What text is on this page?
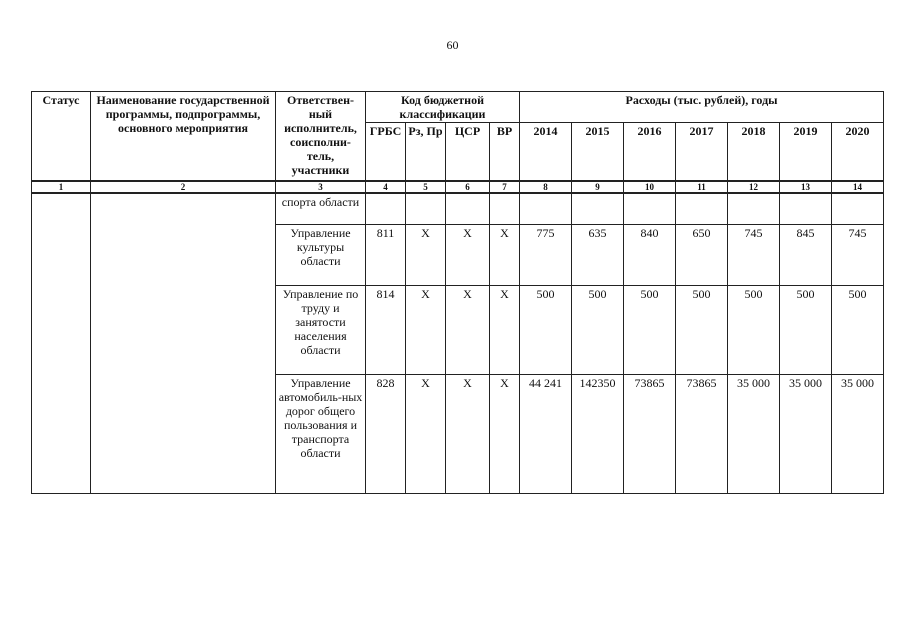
60
Статус	Наименование государственной программы, подпрограммы, основного мероприятия	Ответствен-ный исполнитель, соисполни-тель, участники	Код бюджетной классификации				Расходы (тыс. рублей), годы						
			ГРБС	Рз, Пр	ЦСР	ВР	2014	2015	2016	2017	2018	2019	2020
1	2	3	4	5	6	7	8	9	10	11	12	13	14
		спорта области											
		Управление культуры области	811	Х	Х	Х	775	635	840	650	745	845	745
		Управление по труду и занятости населения области	814	Х	Х	Х	500	500	500	500	500	500	500
		Управление автомобиль-ных дорог общего пользования и транспорта области	828	Х	Х	Х	44 241	142350	73865	73865	35 000	35 000	35 000
